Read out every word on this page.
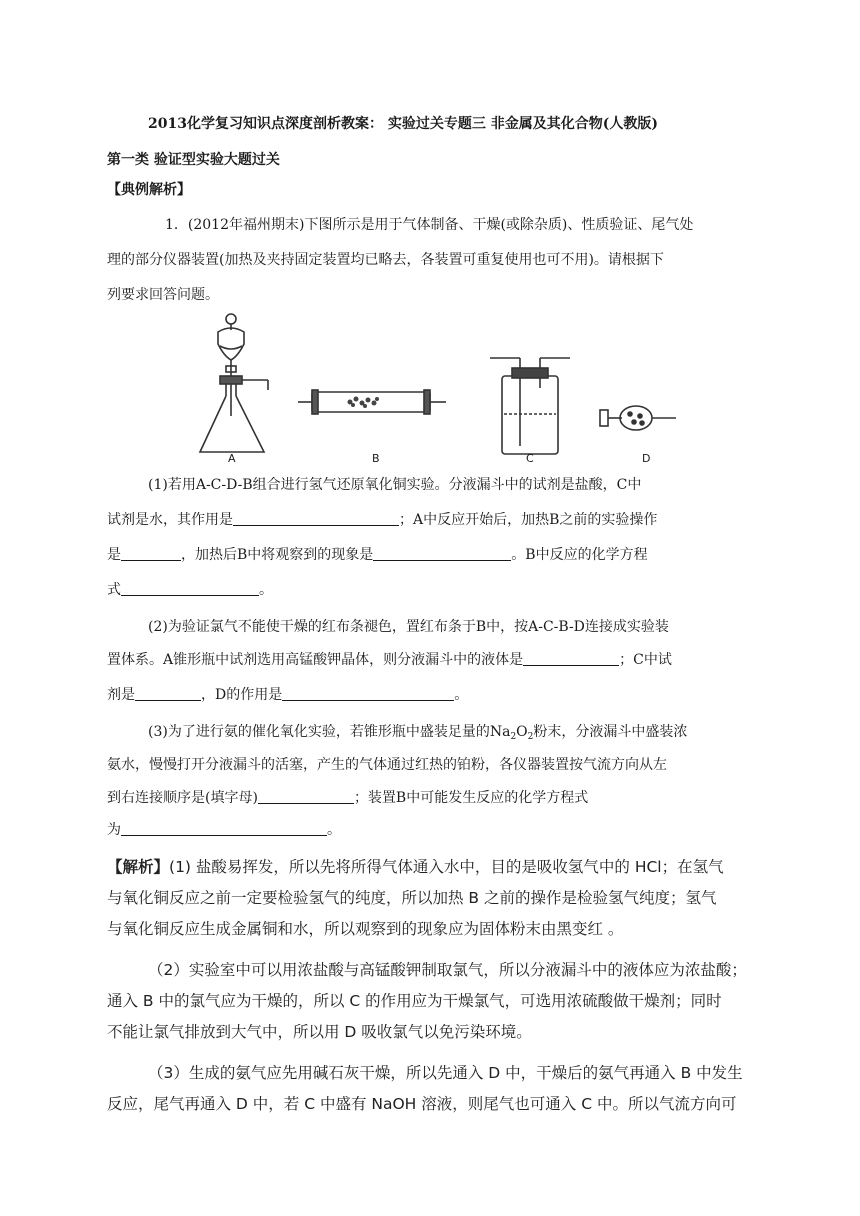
2013化学复习知识点深度剖析教案： 实验过关专题三 非金属及其化合物(人教版)
第一类 验证型实验大题过关
【典例解析】
1．(2012年福州期末)下图所示是用于气体制备、干燥(或除杂质)、性质验证、尾气处
理的部分仪器装置(加热及夹持固定装置均已略去，各装置可重复使用也可不用)。请根据下
列要求回答问题。
A	B	C	D
(1)若用A-C-D-B组合进行氢气还原氧化铜实验。分液漏斗中的试剂是盐酸，C中
试剂是水，其作用是	；A中反应开始后，加热B之前的实验操作
是	，加热后B中将观察到的现象是	。B中反应的化学方程
式	。
(2)为验证氯气不能使干燥的红布条褪色，置红布条于B中，按A-C-B-D连接成实验装
置体系。A锥形瓶中试剂选用高锰酸钾晶体，则分液漏斗中的液体是	；C中试
剂是	，D的作用是	。
(3)为了进行氨的催化氧化实验，若锥形瓶中盛装足量的$Na_2O_2$粉末，分液漏斗中盛装浓
氨水，慢慢打开分液漏斗的活塞，产生的气体通过红热的铂粉，各仪器装置按气流方向从左
到右连接顺序是(填字母)	；装置B中可能发生反应的化学方程式
为	。
【解析】(1) 盐酸易挥发，所以先将所得气体通入水中，目的是吸收氢气中的 HCl；在氢气
与氧化铜反应之前一定要检验氢气的纯度，所以加热 B 之前的操作是检验氢气纯度；氢气
与氧化铜反应生成金属铜和水，所以观察到的现象应为固体粉末由黑变红 。
（2）实验室中可以用浓盐酸与高锰酸钾制取氯气，所以分液漏斗中的液体应为浓盐酸；
通入 B 中的氯气应为干燥的，所以 C 的作用应为干燥氯气，可选用浓硫酸做干燥剂；同时
不能让氯气排放到大气中，所以用 D 吸收氯气以免污染环境。
（3）生成的氨气应先用碱石灰干燥，所以先通入 D 中，干燥后的氨气再通入 B 中发生
反应，尾气再通入 D 中，若 C 中盛有 NaOH 溶液，则尾气也可通入 C 中。所以气流方向可
